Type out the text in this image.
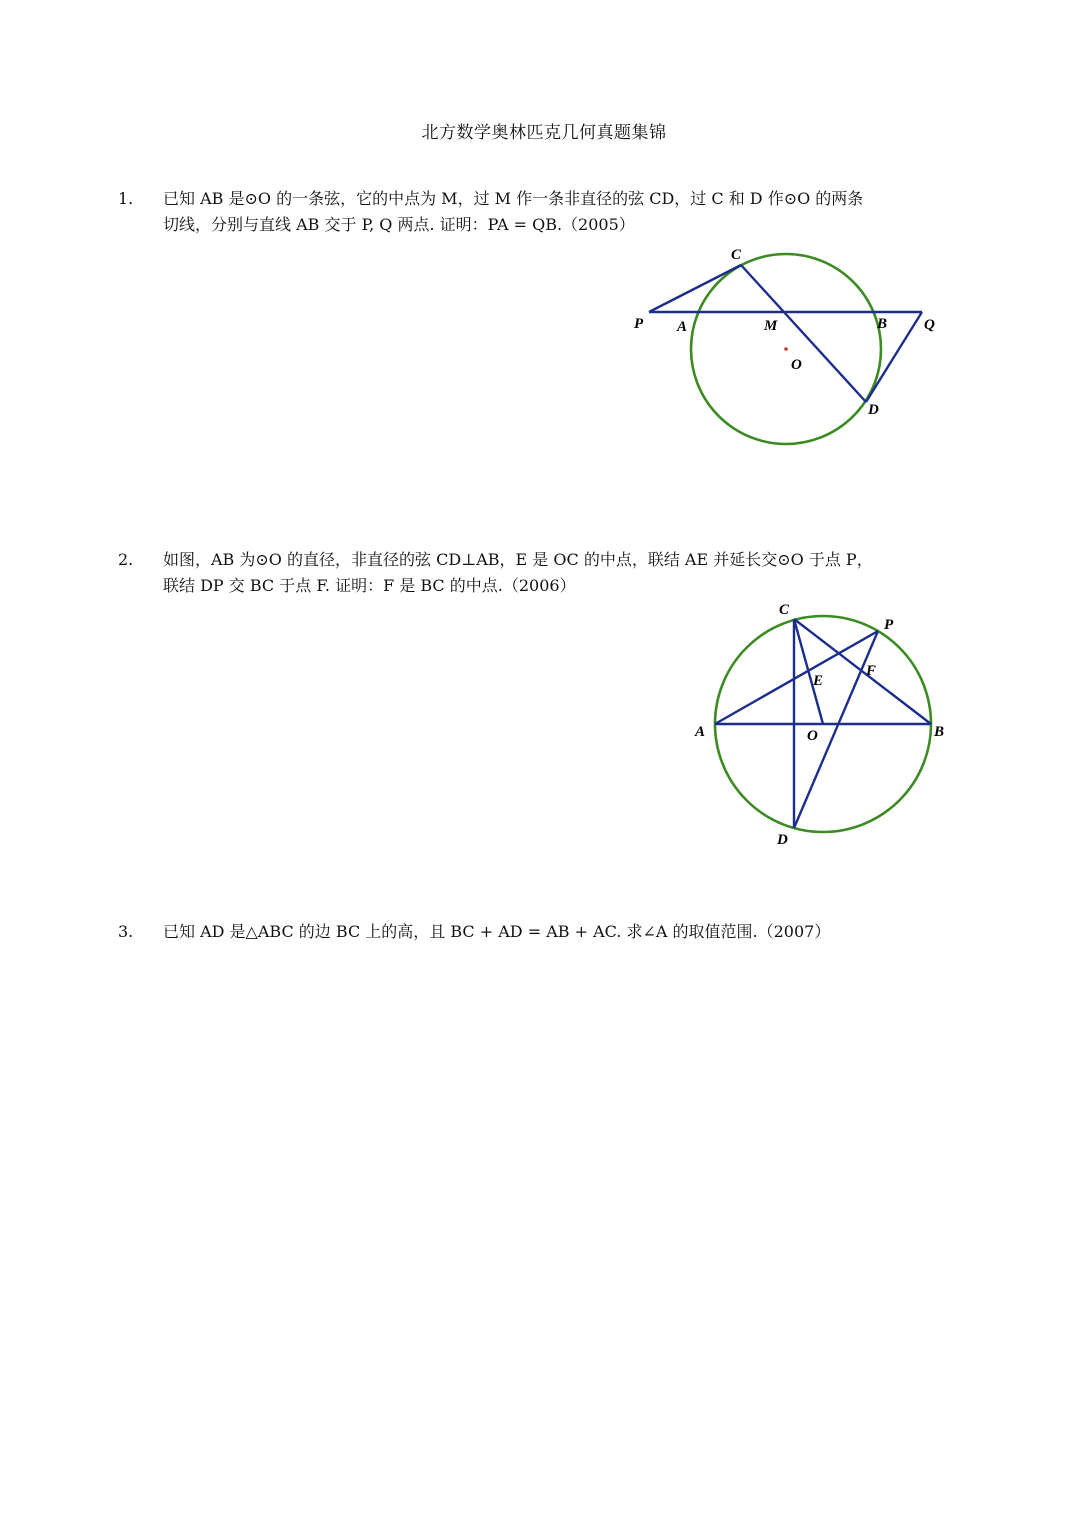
北方数学奥林匹克几何真题集锦
1. 已知 AB 是⊙O 的一条弦，它的中点为 M，过 M 作一条非直径的弦 CD，过 C 和 D 作⊙O 的两条
切线，分别与直线 AB 交于 P, Q 两点. 证明：PA = QB.（2005）
C
P A	M	B Q
O
D
2. 如图，AB 为⊙O 的直径，非直径的弦 CD⊥AB，E 是 OC 的中点，联结 AE 并延长交⊙O 于点 P，
联结 DP 交 BC 于点 F. 证明：F 是 BC 的中点.（2006）
C
P
E
F
A	O	B
D
3. 已知 AD 是△ABC 的边 BC 上的高，且 BC + AD = AB + AC. 求∠A 的取值范围.（2007）
